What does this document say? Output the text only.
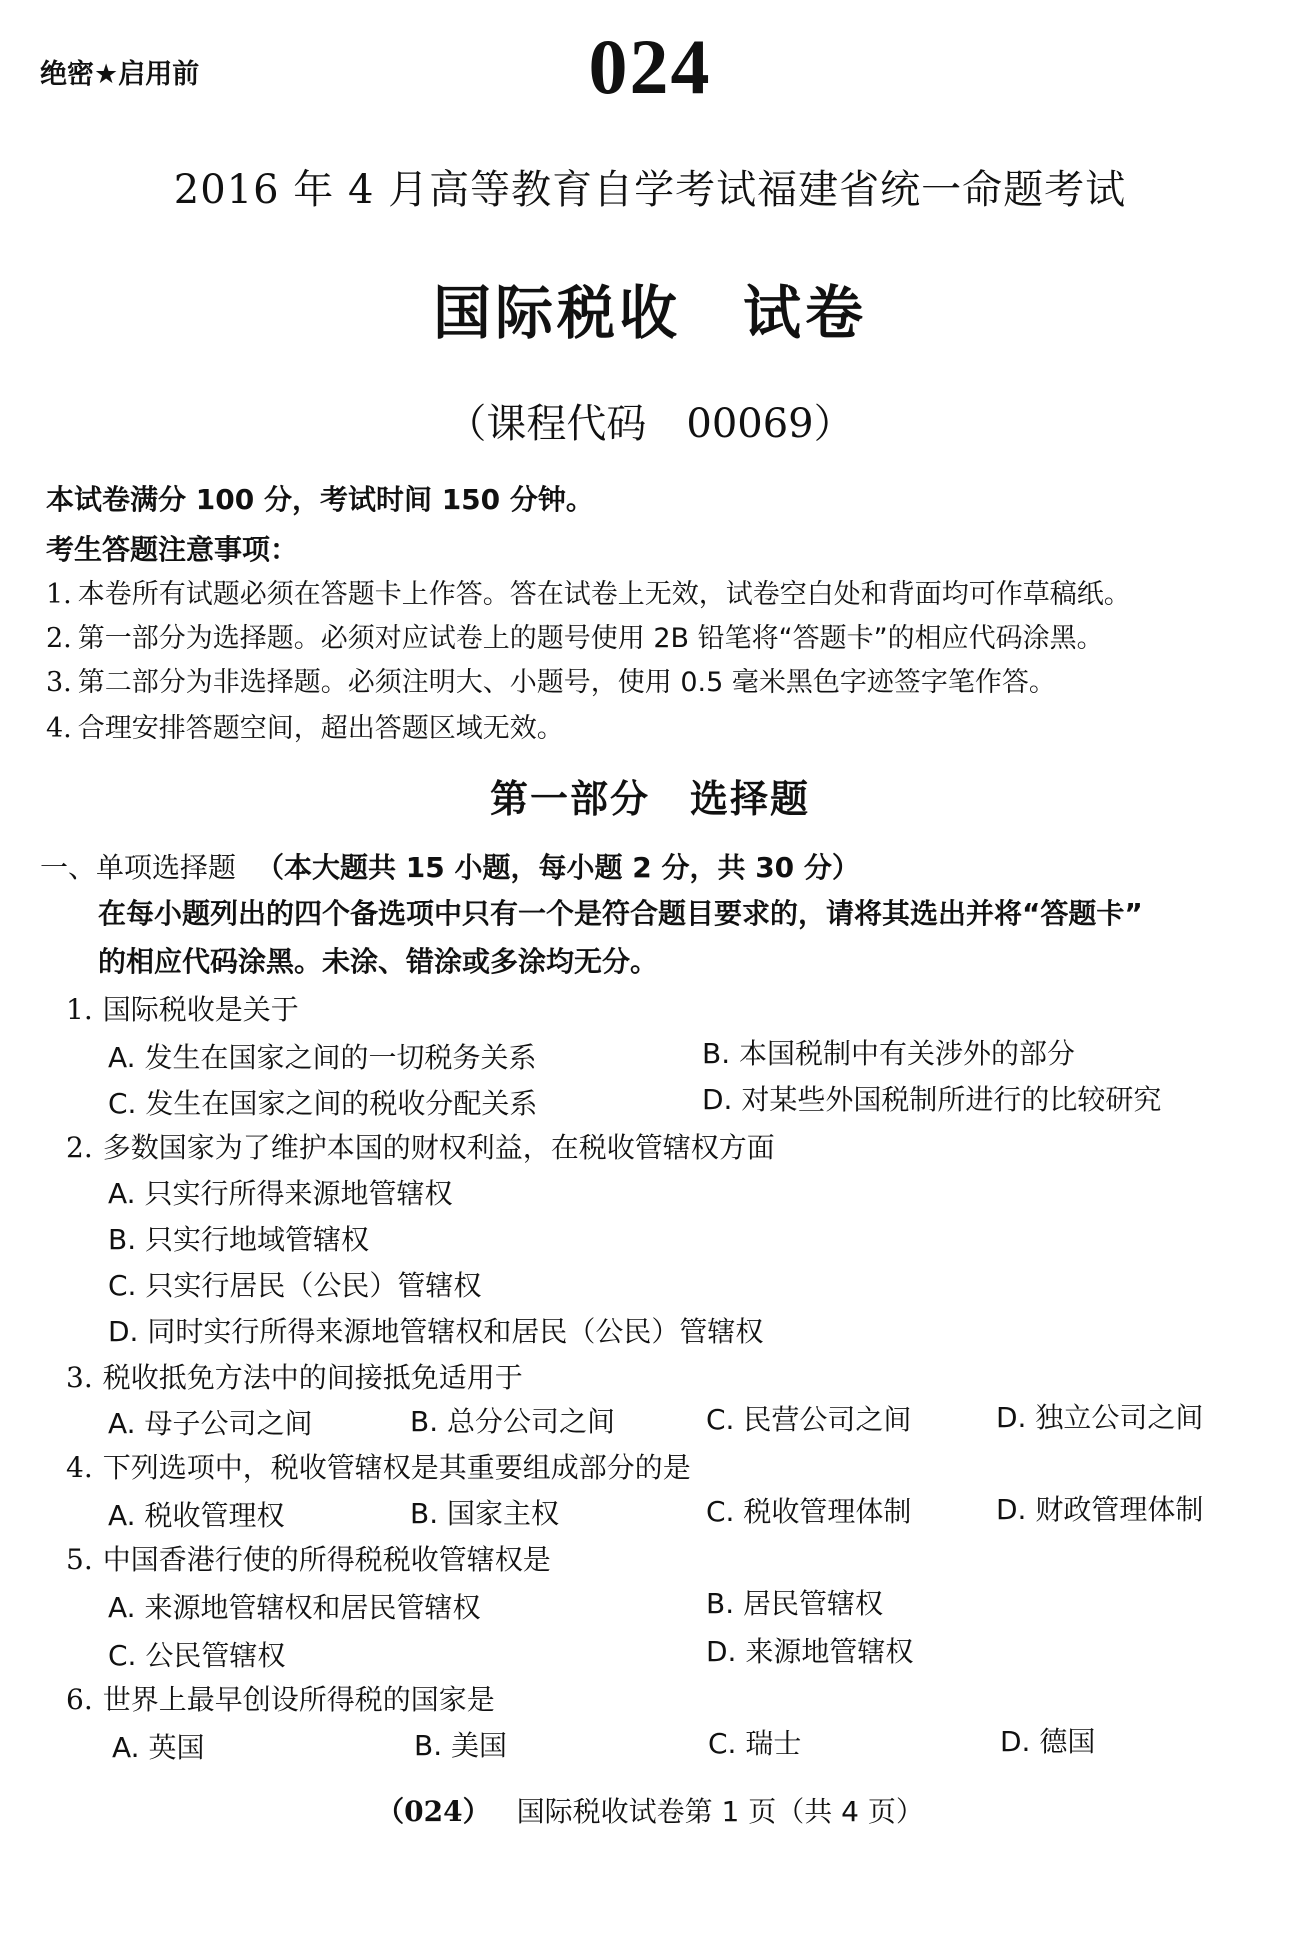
绝密★启用前	024
2016 年 4 月高等教育自学考试福建省统一命题考试
国际税收　试卷
（课程代码　00069）
本试卷满分 100 分，考试时间 150 分钟。
考生答题注意事项：
1. 本卷所有试题必须在答题卡上作答。答在试卷上无效，试卷空白处和背面均可作草稿纸。
2. 第一部分为选择题。必须对应试卷上的题号使用 2B 铅笔将“答题卡”的相应代码涂黑。
3. 第二部分为非选择题。必须注明大、小题号，使用 0.5 毫米黑色字迹签字笔作答。
4. 合理安排答题空间，超出答题区域无效。
第一部分　选择题
一、单项选择题 （本大题共 15 小题，每小题 2 分，共 30 分）
在每小题列出的四个备选项中只有一个是符合题目要求的，请将其选出并将“答题卡”
的相应代码涂黑。未涂、错涂或多涂均无分。
1. 国际税收是关于
A. 发生在国家之间的一切税务关系	B. 本国税制中有关涉外的部分
C. 发生在国家之间的税收分配关系	D. 对某些外国税制所进行的比较研究
2. 多数国家为了维护本国的财权利益，在税收管辖权方面
A. 只实行所得来源地管辖权
B. 只实行地域管辖权
C. 只实行居民（公民）管辖权
D. 同时实行所得来源地管辖权和居民（公民）管辖权
3. 税收抵免方法中的间接抵免适用于
A. 母子公司之间	B. 总分公司之间	C. 民营公司之间	D. 独立公司之间
4. 下列选项中，税收管辖权是其重要组成部分的是
A. 税收管理权	B. 国家主权	C. 税收管理体制	D. 财政管理体制
5. 中国香港行使的所得税税收管辖权是
A. 来源地管辖权和居民管辖权	B. 居民管辖权
C. 公民管辖权	D. 来源地管辖权
6. 世界上最早创设所得税的国家是
A. 英国	B. 美国	C. 瑞士	D. 德国
（024） 国际税收试卷第 1 页（共 4 页）
